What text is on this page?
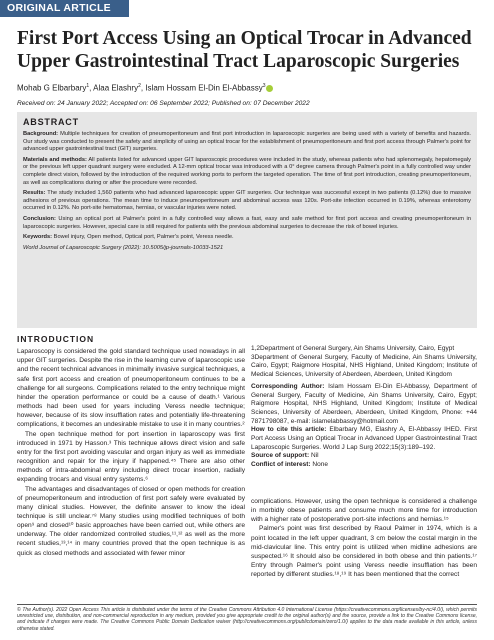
ORIGINAL ARTICLE
First Port Access Using an Optical Trocar in Advanced Upper Gastrointestinal Tract Laparoscopic Surgeries
Mohab G Elbarbary$^1$, Alaa Elashry$^2$, Islam Hossam El-Din El-Abbassy$^3$
Received on: 24 January 2022; Accepted on: 06 September 2022; Published on: 07 December 2022
ABSTRACT

Background: Multiple techniques for creation of pneumoperitoneum and first port introduction in laparoscopic surgeries are being used with a variety of benefits and hazards. Our study was conducted to present the safety and simplicity of using an optical trocar for the establishment of pneumoperitoneum and first port access through Palmer's point for advanced upper gastrointestinal tract (GIT) surgeries.

Materials and methods: All patients listed for advanced upper GIT laparoscopic procedures were included in the study, whereas patients who had splenomegaly, hepatomegaly or the previous left upper quadrant surgery were excluded. A 12-mm optical trocar was introduced with a 0° degree camera through Palmer's point in a fully controlled way under complete direct vision, followed by the introduction of the required working ports to perform the targeted operation. The time of first port introduction, creating pneumoperitoneum, as well as complications during or after the procedure were recorded.

Results: The study included 1,560 patients who had advanced laparoscopic upper GIT surgeries. Our technique was successful except in two patients (0.12%) due to massive adhesions of previous operations. The mean time to induce pneumoperitoneum and abdominal access was 120s. Port-site infection occurred in 0.19%, whereas enterotomy occurred in 0.12%. No port-site hematomas, hernias, or vascular injuries were noted.

Conclusion: Using an optical port at Palmer's point in a fully controlled way allows a fast, easy and safe method for first port access and creating pneumoperitoneum in laparoscopic surgeries. However, special care is still required for patients with the previous abdominal surgeries to decrease the risk of bowel injuries.

Keywords: Bowel injury, Open method, Optical port, Palmer's point, Veress needle.

World Journal of Laparoscopic Surgery (2022): 10.5005/jp-journals-10033-1521

INTRODUCTION

Laparoscopy is considered the gold standard technique used nowadays in all upper GIT surgeries. Despite the rise in the learning curve of laparoscopic use and the recent technical advances in minimally invasive surgical techniques, a safe first port access and creation of pneumoperitoneum continues to be a challenge for all surgeons. Complications related to the entry technique might hinder the operation performance or could be a cause of death.¹ Various methods had been used for years including Veress needle technique; however, because of its slow insufflation rates and potentially life-threatening complications, it becomes an undesirable mistake to use it in many countries.²

The open technique method for port insertion in laparoscopy was first introduced in 1971 by Hasson.³ This technique allows direct vision and safe entry for the first port avoiding vascular and organ injury as well as immediate recognition and repair for the injury if happened.⁴⁵ There are also other methods of intra-abdominal entry including direct trocar insertion, radially expanding trocars and visual entry systems.⁶

The advantages and disadvantages of closed or open methods for creation of pneumoperitoneum and introduction of first port safely were evaluated by many clinical studies. However, the definite answer to know the ideal technique is still unclear.⁷⁸ Many studies using modified techniques of both open⁹ and closed¹⁰ basic approaches have been carried out, while others are underway. The older randomized controlled studies,¹¹,¹² as well as the more recent studies,¹³,¹⁴ in many countries proved that the open technique is as quick as closed methods and associated with fewer minor

1,2Department of General Surgery, Ain Shams University, Cairo, Egypt

3Department of General Surgery, Faculty of Medicine, Ain Shams University, Cairo, Egypt; Raigmore Hospital, NHS Highland, United Kingdom; Institute of Medical Sciences, University of Aberdeen, Aberdeen, United Kingdom

Corresponding Author: Islam Hossam El-Din El-Abbassy, Department of General Surgery, Faculty of Medicine, Ain Shams University, Cairo, Egypt; Raigmore Hospital, NHS Highland, United Kingdom; Institute of Medical Sciences, University of Aberdeen, Aberdeen, United Kingdom, Phone: +44 7871798087, e-mail: islamelabbassy@hotmail.com

How to cite this article: Elbarbary MG, Elashry A, El-Abbassy IHED. First Port Access Using an Optical Trocar in Advanced Upper Gastrointestinal Tract Laparoscopic Surgeries. World J Lap Surg 2022;15(3):189–192.

Source of support: Nil

Conflict of interest: None

complications. However, using the open technique is considered a challenge in morbidly obese patients and consume much more time for introduction with a higher rate of postoperative port-site infections and hernias.¹⁵

Palmer's point was first described by Raoul Palmer in 1974, which is a point located in the left upper quadrant, 3 cm below the costal margin in the mid-clavicular line. This entry point is utilized when midline adhesions are suspected.¹⁶ It should also be considered in both obese and thin patients.¹⁷ Entry through Palmer's point using Veress needle insufflation has been reported by different studies.¹⁸,¹⁹ It has been mentioned that the correct

© The Author(s). 2022 Open Access This article is distributed under the terms of the Creative Commons Attribution 4.0 International License (https://creativecommons.org/licenses/by-nc/4.0/), which permits unrestricted use, distribution, and non-commercial reproduction in any medium, provided you give appropriate credit to the original author(s) and the source, provide a link to the Creative Commons license, and indicate if changes were made. The Creative Commons Public Domain Dedication waiver (http://creativecommons.org/publicdomain/zero/1.0/) applies to the data made available in this article, unless otherwise stated.
